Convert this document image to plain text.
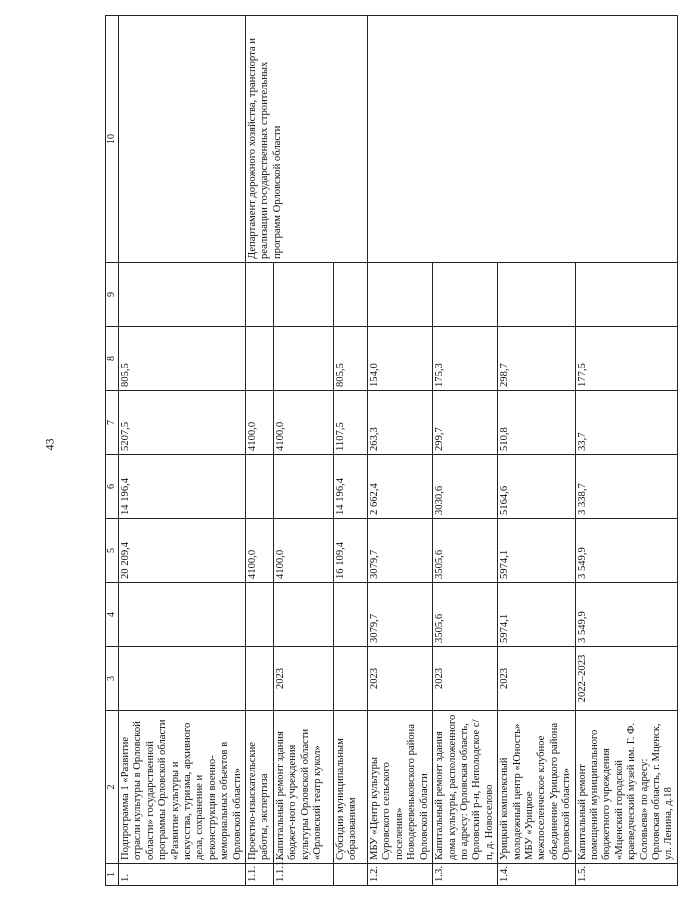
43
1	2	3	4	5	6	7	8	9	10
1.	Подпрограмма 1 «Развитие отрасли культуры в Орловской области» государственной программы Орловской области «Развитие культуры и искусства, туризма, архивного дела, сохранение и реконструкция военно-мемориальных объектов в Орловской области»			20 209,4	14 196,4	5207,5	805,5		
1.1.	Проектно-изыскательские работы, экспертиза			4100,0		4100,0			Департамент дорожного хозяйства, транспорта и реализации государственных строительных программ Орловской области
1.1.1.	Капитальный ремонт здания бюджет-ного учреждения культуры Орловской области «Орловский театр кукол»	2023		4100,0		4100,0			
	Субсидии муниципальным образованиям			16 109,4	14 196,4	1107,5	805,5		
1.2.	МБУ «Центр культуры Суровского сельского поселения» Новодеревеньковского района Орловской области	2023	3079,7	3079,7	2 662,4	263,3	154,0		
1.3.	Капитальный ремонт здания дома культуры, расположенного по адресу: Орловская область, Орловский р-н, Неполодское с/п, д. Новоселово	2023	3505,6	3505,6	3030,6	299,7	175,3		
1.4.	Урицкий комплексный молодежный центр «Юность» МБУ «Урицкое межпоселенческое клубное объединение Урицкого района Орловской области»	2023	5974,1	5974,1	5164,6	510,8	298,7		
1.5.	Капитальный ремонт помещений муниципального бюджетного учреждения «Мценский городской краеведческий музей им. Г. Ф. Соловьева» по адресу: Орловская область, г. Мценск, ул. Ленина, д.18	2022–2023	3 549,9	3 549,9	3 338,7	33,7	177,5		
